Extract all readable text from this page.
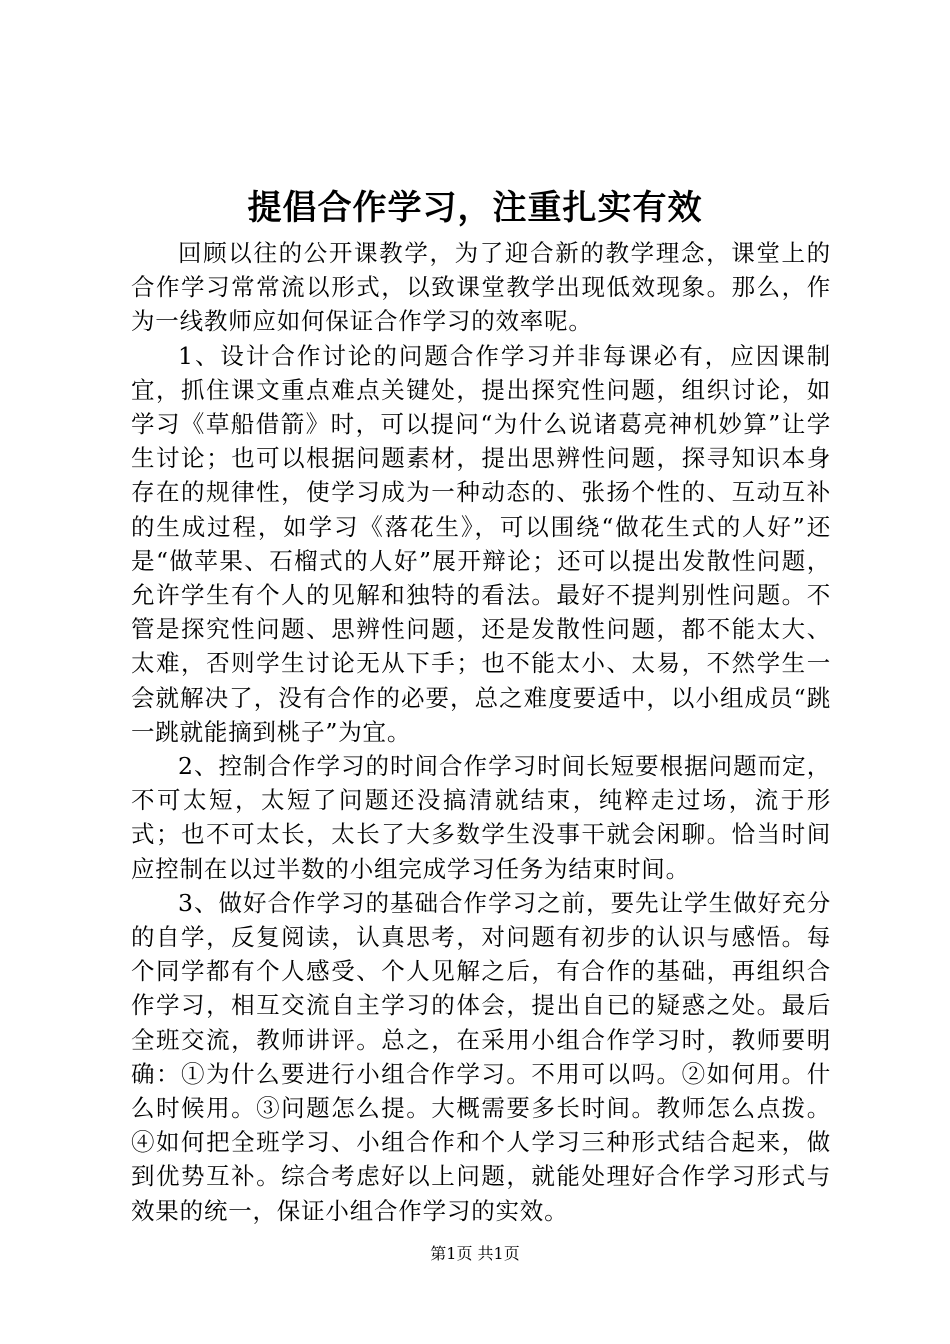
提倡合作学习，注重扎实有效

回顾以往的公开课教学，为了迎合新的教学理念，课堂上的合作学习常常流以形式，以致课堂教学出现低效现象。那么，作为一线教师应如何保证合作学习的效率呢。

1、设计合作讨论的问题合作学习并非每课必有，应因课制宜，抓住课文重点难点关键处，提出探究性问题，组织讨论，如学习《草船借箭》时，可以提问“为什么说诸葛亮神机妙算”让学生讨论；也可以根据问题素材，提出思辨性问题，探寻知识本身存在的规律性，使学习成为一种动态的、张扬个性的、互动互补的生成过程，如学习《落花生》，可以围绕“做花生式的人好”还是“做苹果、石榴式的人好”展开辩论；还可以提出发散性问题，允许学生有个人的见解和独特的看法。最好不提判别性问题。不管是探究性问题、思辨性问题，还是发散性问题，都不能太大、太难，否则学生讨论无从下手；也不能太小、太易，不然学生一会就解决了，没有合作的必要，总之难度要适中，以小组成员“跳一跳就能摘到桃子”为宜。

2、控制合作学习的时间合作学习时间长短要根据问题而定，不可太短，太短了问题还没搞清就结束，纯粹走过场，流于形式；也不可太长，太长了大多数学生没事干就会闲聊。恰当时间应控制在以过半数的小组完成学习任务为结束时间。

3、做好合作学习的基础合作学习之前，要先让学生做好充分的自学，反复阅读，认真思考，对问题有初步的认识与感悟。每个同学都有个人感受、个人见解之后，有合作的基础，再组织合作学习，相互交流自主学习的体会，提出自已的疑惑之处。最后全班交流，教师讲评。总之，在采用小组合作学习时，教师要明确：①为什么要进行小组合作学习。不用可以吗。②如何用。什么时候用。③问题怎么提。大概需要多长时间。教师怎么点拨。④如何把全班学习、小组合作和个人学习三种形式结合起来，做到优势互补。综合考虑好以上问题，就能处理好合作学习形式与效果的统一，保证小组合作学习的实效。

第1页 共1页
